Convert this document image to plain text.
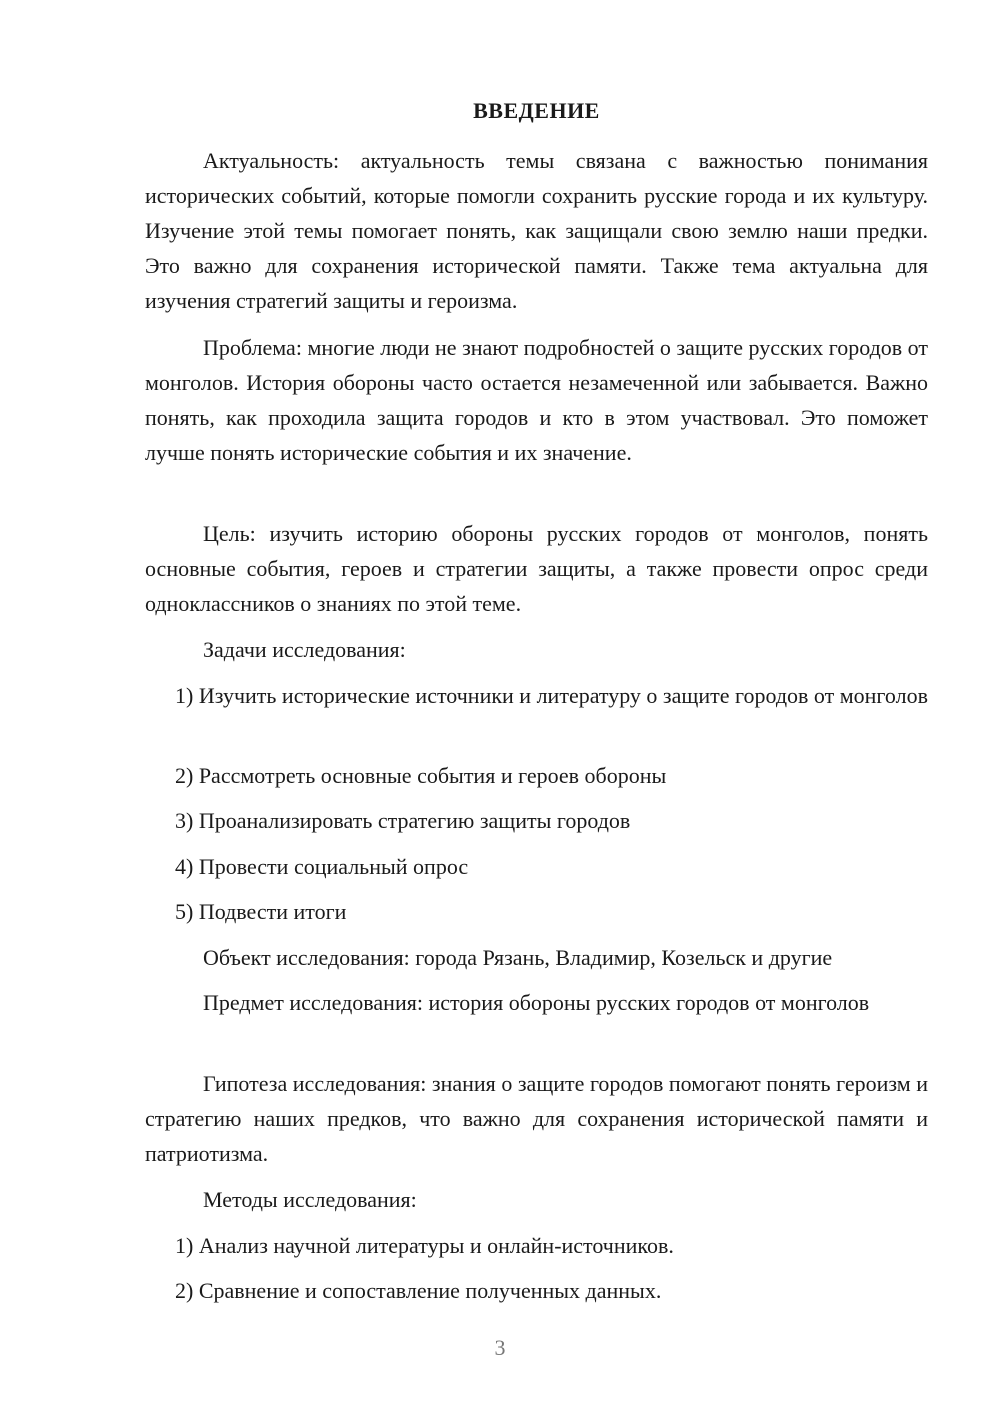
ВВЕДЕНИЕ

Актуальность: актуальность темы связана с важностью понимания исторических событий, которые помогли сохранить русские города и их культуру. Изучение этой темы помогает понять, как защищали свою землю наши предки. Это важно для сохранения исторической памяти. Также тема актуальна для изучения стратегий защиты и героизма.

Проблема: многие люди не знают подробностей о защите русских городов от монголов. История обороны часто остается незамеченной или забывается. Важно понять, как проходила защита городов и кто в этом участвовал. Это поможет лучше понять исторические события и их значение.

Цель: изучить историю обороны русских городов от монголов, понять основные события, героев и стратегии защиты, а также провести опрос среди одноклассников о знаниях по этой теме.

Задачи исследования:

1) Изучить исторические источники и литературу о защите городов от монголов

2) Рассмотреть основные события и героев обороны

3) Проанализировать стратегию защиты городов

4) Провести социальный опрос

5) Подвести итоги

Объект исследования: города Рязань, Владимир, Козельск и другие

Предмет исследования: история обороны русских городов от монголов

Гипотеза исследования: знания о защите городов помогают понять героизм и стратегию наших предков, что важно для сохранения исторической памяти и патриотизма.

Методы исследования:

1) Анализ научной литературы и онлайн-источников.

2) Сравнение и сопоставление полученных данных.

3
